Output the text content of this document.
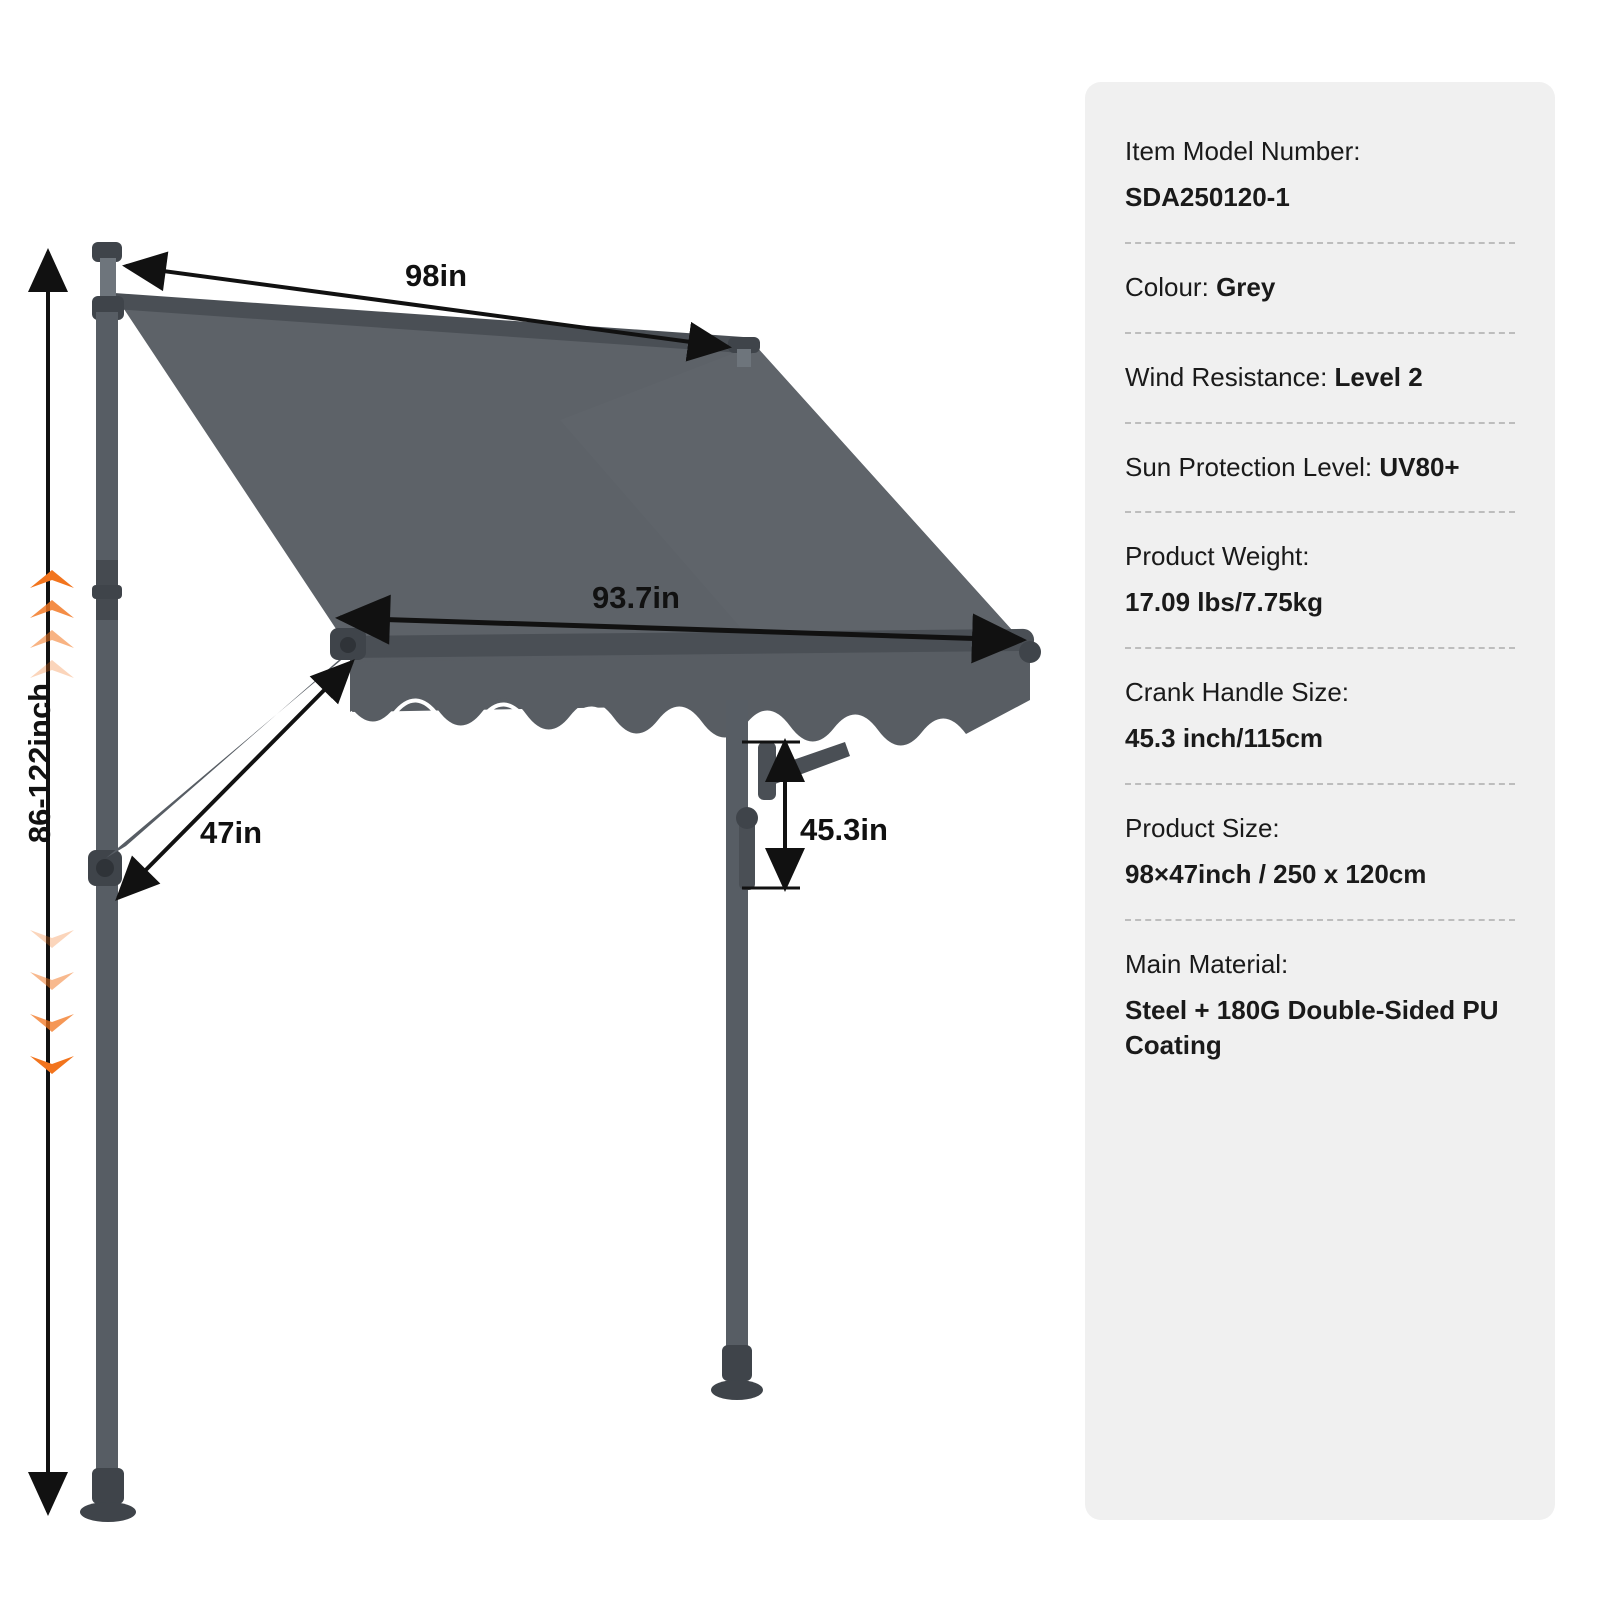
98in
93.7in
47in	45.3in
86-122inch
Item Model Number:
SDA250120-1
Colour: Grey
Wind Resistance: Level 2
Sun Protection Level: UV80+
Product Weight:
17.09 lbs/7.75kg
Crank Handle Size:
45.3 inch/115cm
Product Size:
98×47inch / 250 x 120cm
Main Material:
Steel + 180G Double-Sided PU Coating
